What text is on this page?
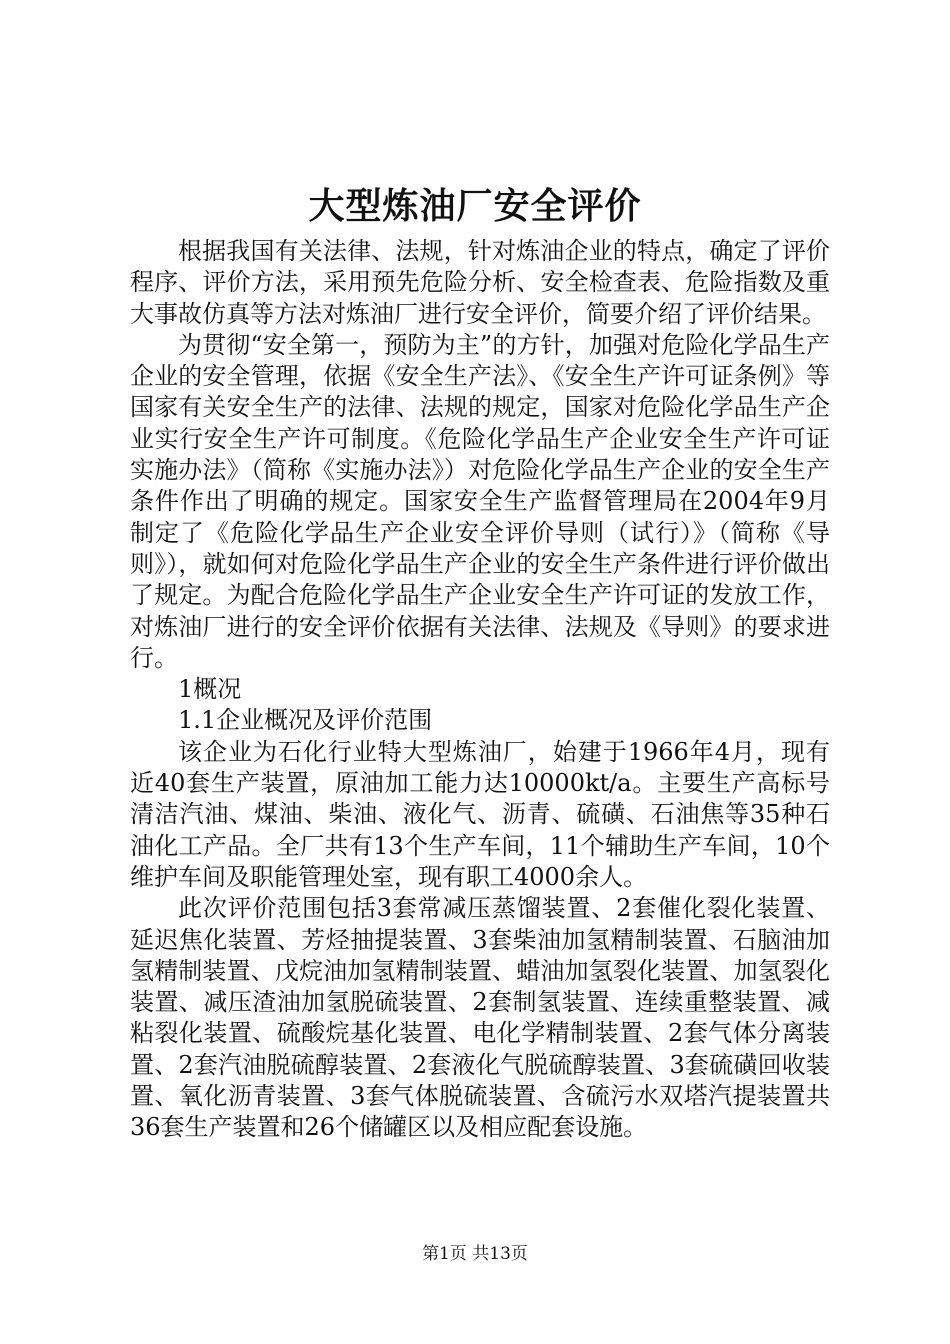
大型炼油厂安全评价

根据我国有关法律、法规，针对炼油企业的特点，确定了评价程序、评价方法，采用预先危险分析、安全检查表、危险指数及重大事故仿真等方法对炼油厂进行安全评价，简要介绍了评价结果。

为贯彻“安全第一，预防为主”的方针，加强对危险化学品生产企业的安全管理，依据《安全生产法》、《安全生产许可证条例》等国家有关安全生产的法律、法规的规定，国家对危险化学品生产企业实行安全生产许可制度。《危险化学品生产企业安全生产许可证实施办法》（简称《实施办法》）对危险化学品生产企业的安全生产条件作出了明确的规定。国家安全生产监督管理局在2004年9月制定了《危险化学品生产企业安全评价导则（试行）》（简称《导则》），就如何对危险化学品生产企业的安全生产条件进行评价做出了规定。为配合危险化学品生产企业安全生产许可证的发放工作，对炼油厂进行的安全评价依据有关法律、法规及《导则》的要求进行。

1概况

1.1企业概况及评价范围

该企业为石化行业特大型炼油厂，始建于1966年4月，现有近40套生产装置，原油加工能力达10000kt/a。主要生产高标号清洁汽油、煤油、柴油、液化气、沥青、硫磺、石油焦等35种石油化工产品。全厂共有13个生产车间，11个辅助生产车间，10个维护车间及职能管理处室，现有职工4000余人。

此次评价范围包括3套常减压蒸馏装置、2套催化裂化装置、延迟焦化装置、芳烃抽提装置、3套柴油加氢精制装置、石脑油加氢精制装置、戊烷油加氢精制装置、蜡油加氢裂化装置、加氢裂化装置、减压渣油加氢脱硫装置、2套制氢装置、连续重整装置、减粘裂化装置、硫酸烷基化装置、电化学精制装置、2套气体分离装置、2套汽油脱硫醇装置、2套液化气脱硫醇装置、3套硫磺回收装置、氧化沥青装置、3套气体脱硫装置、含硫污水双塔汽提装置共36套生产装置和26个储罐区以及相应配套设施。

第1页 共13页
